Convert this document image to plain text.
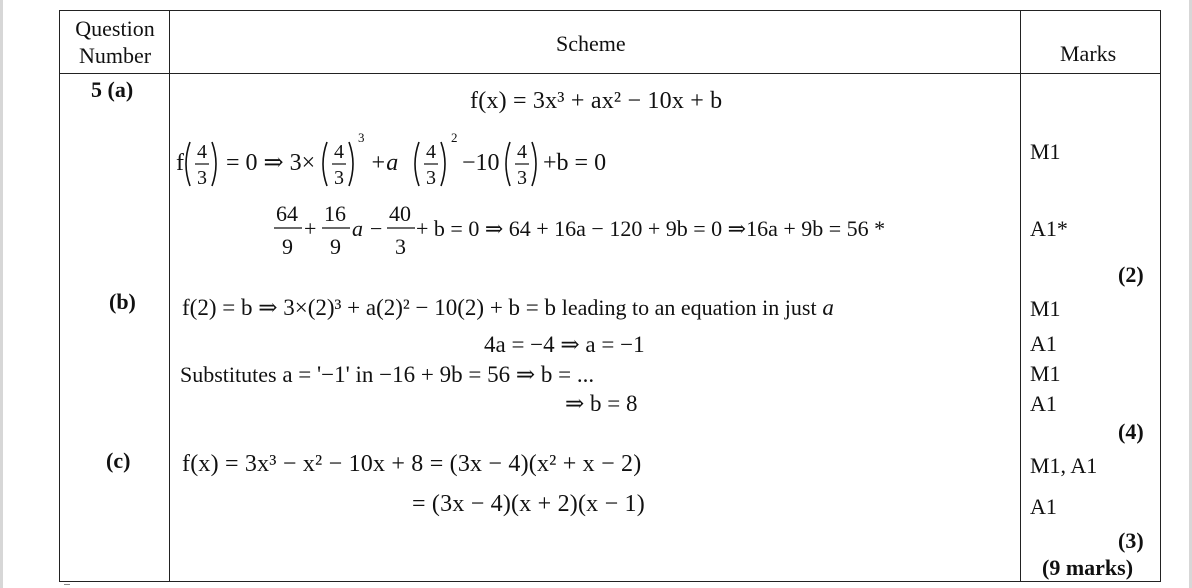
Question
Number	Scheme	Marks
5 (a)
(b)
(c)
f(x) = 3x³ + ax² − 10x + b
f 4
3
= 0 ⇒ 3× 4
3
3
+a 4
3
2
−10 4
3
+b = 0
64
9
+
16
9
a −
40
3
+ b = 0 ⇒ 64 + 16a − 120 + 9b = 0 ⇒16a + 9b = 56 *
M1
A1*
(2)
f(2) = b ⇒ 3×(2)³ + a(2)² − 10(2) + b = b leading to an equation in just a
4a = −4 ⇒ a = −1
Substitutes a = '−1' in −16 + 9b = 56 ⇒ b = ...
⇒ b = 8
M1
A1
M1
A1
(4)
f(x) = 3x³ − x² − 10x + 8 = (3x − 4)(x² + x − 2)
= (3x − 4)(x + 2)(x − 1)
M1, A1
A1
(3)
(9 marks)
